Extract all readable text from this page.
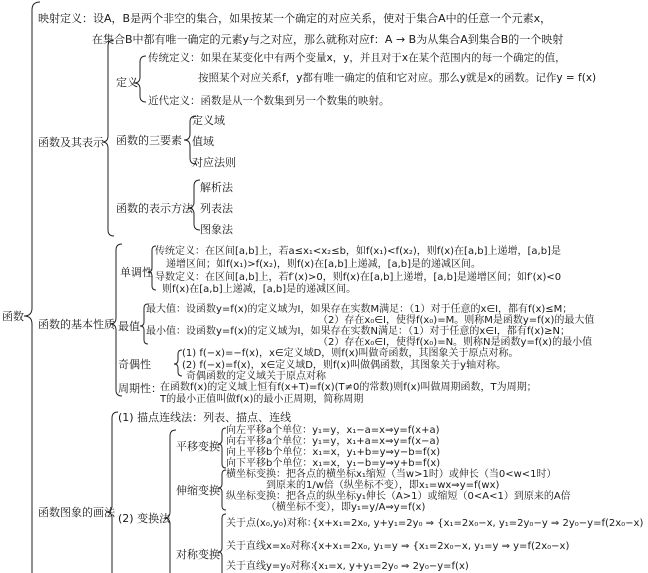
函数
映射定义：设A，B是两个非空的集合，如果按某一个确定的对应关系，使对于集合A中的任意一个元素x，
在集合B中都有唯一确定的元素y与之对应，那么就称对应f：A → B为从集合A到集合B的一个映射
函数及其表示
定义
传统定义：如果在某变化中有两个变量x，y，并且对于x在某个范围内的每一个确定的值，
按照某个对应关系f，y都有唯一确定的值和它对应。那么y就是x的函数。记作y = f(x)
近代定义：函数是从一个数集到另一个数集的映射。
函数的三要素
定义域
值域
对应法则
函数的表示方法
解析法
列表法
图象法
函数的基本性质
单调性
传统定义：在区间[a,b]上，若a≤x₁<x₂≤b，如f(x₁)<f(x₂)，则f(x)在[a,b]上递增，[a,b]是
递增区间；如f(x₁)>f(x₂)，则f(x)在[a,b]上递减，[a,b]是的递减区间。
导数定义：在区间[a,b]上，若f′(x)>0，则f(x)在[a,b]上递增，[a,b]是递增区间；如f′(x)<0
则f(x)在[a,b]上递减，[a,b]是的递减区间。
最值
最大值： 设函数y=f(x)的定义域为I，如果存在实数M满足：（1）对于任意的x∈I，都有f(x)≤M；
（2）存在x₀∈I，使得f(x₀)=M。则称M是函数y=f(x)的最大值
最小值： 设函数y=f(x)的定义域为I，如果存在实数N满足：（1）对于任意的x∈I，都有f(x)≥N；
（2）存在x₀∈I，使得f(x₀)=N。则称N是函数y=f(x)的最小值
奇偶性
(1) f(−x)=−f(x)，x∈定义域D，则f(x)叫做奇函数，其图象关于原点对称。
(2) f(−x)=f(x)，x∈定义域D，则f(x)叫做偶函数，其图象关于y轴对称。
奇偶函数的定义域关于原点对称
周期性：
在函数f(x)的定义域上恒有f(x+T)=f(x)(T≠0的常数)则f(x)叫做周期函数，T为周期；
T的最小正值叫做f(x)的最小正周期，简称周期
函数图象的画法
(1) 描点连线法：列表、描点、连线
(2) 变换法
平移变换
向左平移a个单位：y₁=y，x₁−a=x⇒y=f(x+a)
向右平移a个单位：y₁=y，x₁+a=x⇒y=f(x−a)
向上平移b个单位：x₁=x，y₁+b=y⇒y−b=f(x)
向下平移b个单位：x₁=x，y₁−b=y⇒y+b=f(x)
伸缩变换
横坐标变换：把各点的横坐标x₁缩短（当w>1时）或伸长（当0<w<1时）
到原来的1/w倍（纵坐标不变），即x₁=wx⇒y=f(wx)
纵坐标变换：把各点的纵坐标y₁伸长（A>1）或缩短（0<A<1）到原来的A倍
（横坐标不变），即y₁=y/A⇒y=f(x)
对称变换
关于点(x₀,y₀)对称：
{x+x₁=2x₀, y+y₁=2y₀ ⇒ {x₁=2x₀−x, y₁=2y₀−y ⇒ 2y₀−y=f(2x₀−x)
关于直线x=x₀对称：
{x+x₁=2x₀, y₁=y ⇒ {x₁=2x₀−x, y₁=y ⇒ y=f(2x₀−x)
关于直线y=y₀对称：
{x₁=x, y+y₁=2y₀ ⇒ 2y₀−y=f(x)
